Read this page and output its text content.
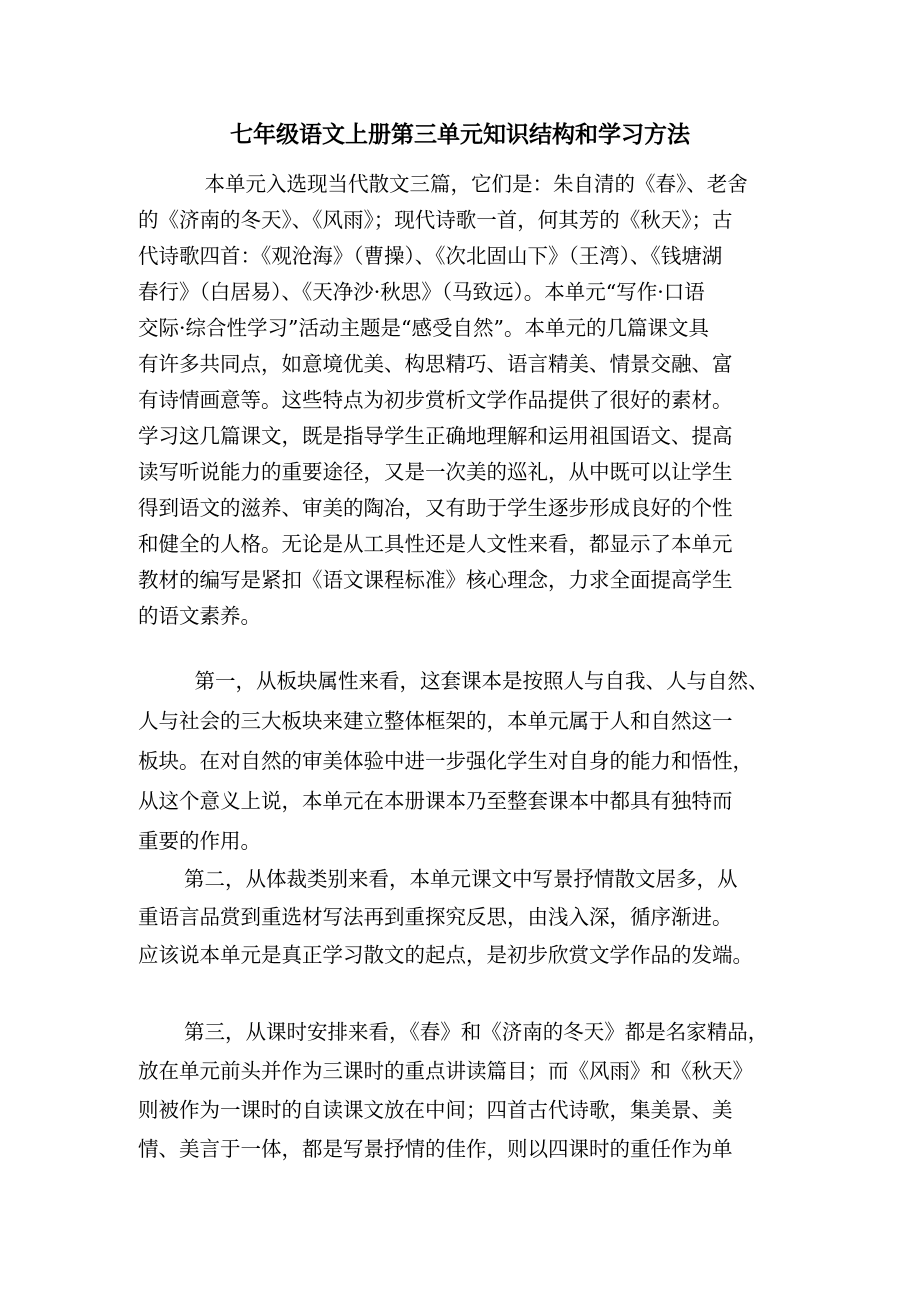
七年级语文上册第三单元知识结构和学习方法
　本单元入选现当代散文三篇，它们是：朱自清的《春》、老舍
的《济南的冬天》、《风雨》；现代诗歌一首，何其芳的《秋天》；古
代诗歌四首：《观沧海》（曹操）、《次北固山下》（王湾）、《钱塘湖
春行》（白居易）、《天净沙·秋思》（马致远）。本单元“写作·口语
交际·综合性学习”活动主题是“感受自然”。本单元的几篇课文具
有许多共同点，如意境优美、构思精巧、语言精美、情景交融、富
有诗情画意等。这些特点为初步赏析文学作品提供了很好的素材。
学习这几篇课文，既是指导学生正确地理解和运用祖国语文、提高
读写听说能力的重要途径，又是一次美的巡礼，从中既可以让学生
得到语文的滋养、审美的陶冶，又有助于学生逐步形成良好的个性
和健全的人格。无论是从工具性还是人文性来看，都显示了本单元
教材的编写是紧扣《语文课程标准》核心理念，力求全面提高学生
的语文素养。
　第一，从板块属性来看，这套课本是按照人与自我、人与自然、
人与社会的三大板块来建立整体框架的，本单元属于人和自然这一
板块。在对自然的审美体验中进一步强化学生对自身的能力和悟性，
从这个意义上说，本单元在本册课本乃至整套课本中都具有独特而
重要的作用。
第二，从体裁类别来看，本单元课文中写景抒情散文居多，从
重语言品赏到重选材写法再到重探究反思，由浅入深，循序渐进。
应该说本单元是真正学习散文的起点，是初步欣赏文学作品的发端。
第三，从课时安排来看，《春》和《济南的冬天》都是名家精品，
放在单元前头并作为三课时的重点讲读篇目；而《风雨》和《秋天》
则被作为一课时的自读课文放在中间；四首古代诗歌，集美景、美
情、美言于一体，都是写景抒情的佳作，则以四课时的重任作为单
